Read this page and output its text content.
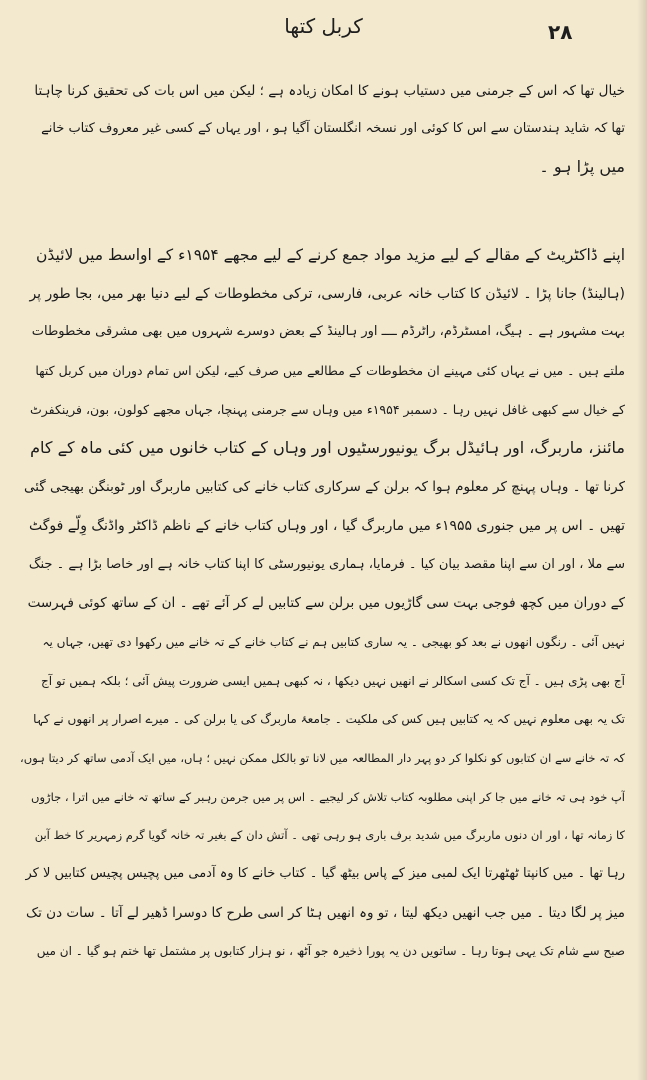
۲۸
کربل کتھا
خیال تھا کہ اس کے جرمنی میں دستیاب ہونے کا امکان زیادہ ہے ؛ لیکن میں اس بات کی تحقیق کرنا چاہتا
تھا کہ شاید ہندستان سے اس کا کوئی اور نسخہ انگلستان آگیا ہو ، اور یہاں کے کسی غیر معروف کتاب خانے
میں پڑا ہو ۔
اپنے ڈاکٹریٹ کے مقالے کے لیے مزید مواد جمع کرنے کے لیے مجھے ۱۹۵۴ء کے اواسط میں لائیڈن
(ہالینڈ) جانا پڑا ۔ لائیڈن کا کتاب خانہ عربی، فارسی، ترکی مخطوطات کے لیے دنیا بھر میں، بجا طور پر
بہت مشہور ہے ۔ ہیگ، امسٹرڈم، راٹرڈم ــــ اور ہالینڈ کے بعض دوسرے شہروں میں بھی مشرقی مخطوطات
ملتے ہیں ۔ میں نے یہاں کئی مہینے ان مخطوطات کے مطالعے میں صرف کیے، لیکن اس تمام دوران میں کربل کتھا
کے خیال سے کبھی غافل نہیں رہا ۔ دسمبر ۱۹۵۴ء میں وہاں سے جرمنی پہنچا، جہاں مجھے کولون، بون، فرینکفرٹ
مائنز، ماربرگ، اور ہائیڈل برگ یونیورسٹیوں اور وہاں کے کتاب خانوں میں کئی ماہ کے کام
کرنا تھا ۔ وہاں پہنچ کر معلوم ہوا کہ برلن کے سرکاری کتاب خانے کی کتابیں ماربرگ اور ٹوبنگن بھیجی گئی
تھیں ۔ اس پر میں جنوری ۱۹۵۵ء میں ماربرگ گیا ، اور وہاں کتاب خانے کے ناظم ڈاکٹر واڈنگ وِلّے فوگٹ
سے ملا ، اور ان سے اپنا مقصد بیان کیا ۔ فرمایا، ہماری یونیورسٹی کا اپنا کتاب خانہ ہے اور خاصا بڑا ہے ۔ جنگ
کے دوران میں کچھ فوجی بہت سی گاڑیوں میں برلن سے کتابیں لے کر آئے تھے ۔ ان کے ساتھ کوئی فہرست
نہیں آئی ۔ رنگوں انھوں نے بعد کو بھیجی ۔ یہ ساری کتابیں ہم نے کتاب خانے کے تہ خانے میں رکھوا دی تھیں، جہاں یہ
آج بھی پڑی ہیں ۔ آج تک کسی اسکالر نے انھیں نہیں دیکھا ، نہ کبھی ہمیں ایسی ضرورت پیش آئی ؛ بلکہ ہمیں تو آج
تک یہ بھی معلوم نہیں کہ یہ کتابیں ہیں کس کی ملکیت ۔ جامعۂ ماربرگ کی یا برلن کی ۔ میرے اصرار پر انھوں نے کہا
کہ تہ خانے سے ان کتابوں کو نکلوا کر دو پہر دار المطالعہ میں لانا تو بالکل ممکن نہیں ؛ ہاں، میں ایک آدمی ساتھ کر دیتا ہوں،
آپ خود ہی تہ خانے میں جا کر اپنی مطلوبہ کتاب تلاش کر لیجیے ۔ اس پر میں جرمن رہبر کے ساتھ تہ خانے میں اترا ، جاڑوں
کا زمانہ تھا ، اور ان دنوں ماربرگ میں شدید برف باری ہو رہی تھی ۔ آتش دان کے بغیر تہ خانہ گویا گرم زمہریر کا خط آبن
رہا تھا ۔ میں کانپتا ٹھٹھرتا ایک لمبی میز کے پاس بیٹھ گیا ۔ کتاب خانے کا وہ آدمی میں پچیس پچیس کتابیں لا کر
میز پر لگا دیتا ۔ میں جب انھیں دیکھ لیتا ، تو وہ انھیں ہٹا کر اسی طرح کا دوسرا ڈھیر لے آتا ۔ سات دن تک
صبح سے شام تک یہی ہوتا رہا ۔ ساتویں دن یہ پورا ذخیرہ جو آٹھ ، نو ہزار کتابوں پر مشتمل تھا ختم ہو گیا ۔ ان میں
